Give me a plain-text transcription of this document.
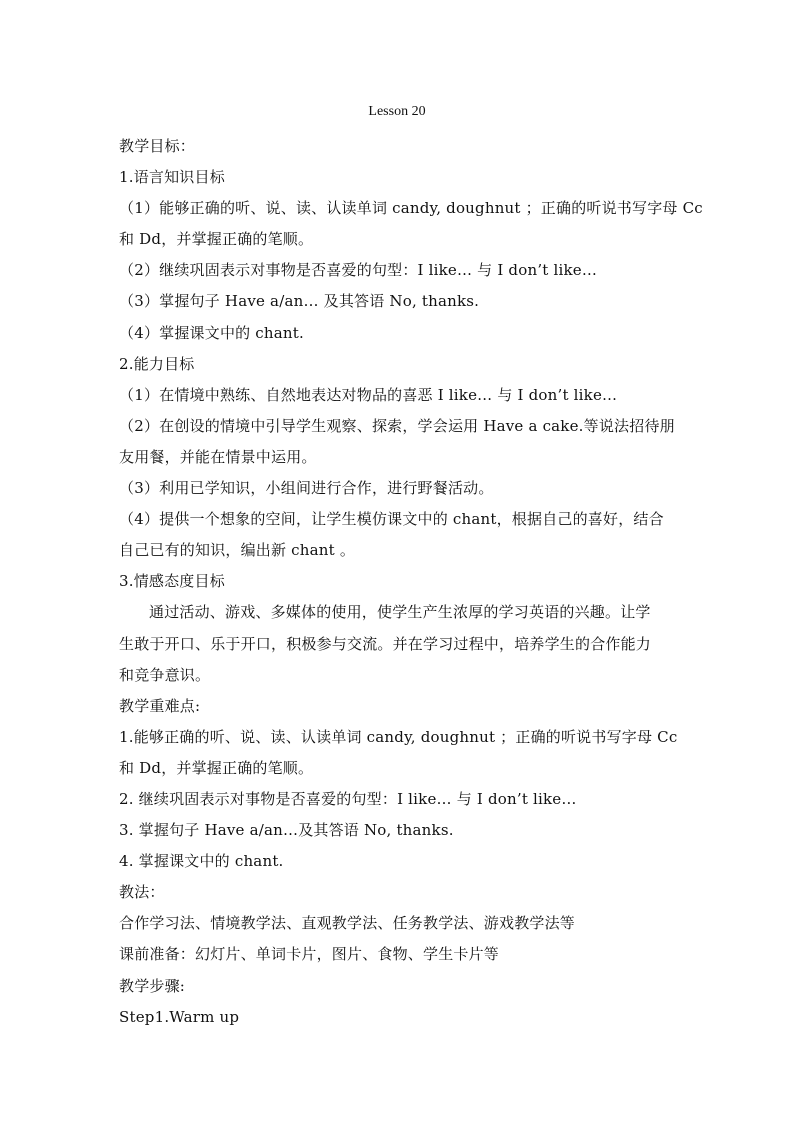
Lesson 20
教学目标：
1.语言知识目标
（1）能够正确的听、说、读、认读单词 candy, doughnut ；正确的听说书写字母 Cc
和 Dd，并掌握正确的笔顺。
（2）继续巩固表示对事物是否喜爱的句型：I like… 与 I don’t like…
（3）掌握句子 Have a/an… 及其答语 No, thanks.
（4）掌握课文中的 chant.
2.能力目标
（1）在情境中熟练、自然地表达对物品的喜恶 I like… 与 I don’t like…
（2）在创设的情境中引导学生观察、探索，学会运用 Have a cake.等说法招待朋
友用餐，并能在情景中运用。
（3）利用已学知识，小组间进行合作，进行野餐活动。
（4）提供一个想象的空间，让学生模仿课文中的 chant，根据自己的喜好，结合
自己已有的知识，编出新 chant 。
3.情感态度目标
通过活动、游戏、多媒体的使用，使学生产生浓厚的学习英语的兴趣。让学
生敢于开口、乐于开口，积极参与交流。并在学习过程中，培养学生的合作能力
和竞争意识。
教学重难点:
1.能够正确的听、说、读、认读单词 candy, doughnut ；正确的听说书写字母 Cc
和 Dd，并掌握正确的笔顺。
2. 继续巩固表示对事物是否喜爱的句型：I like… 与 I don’t like…
3. 掌握句子 Have a/an…及其答语 No, thanks.
4. 掌握课文中的 chant.
教法：
合作学习法、情境教学法、直观教学法、任务教学法、游戏教学法等
课前准备：幻灯片、单词卡片，图片、食物、学生卡片等
教学步骤:
Step1.Warm up
